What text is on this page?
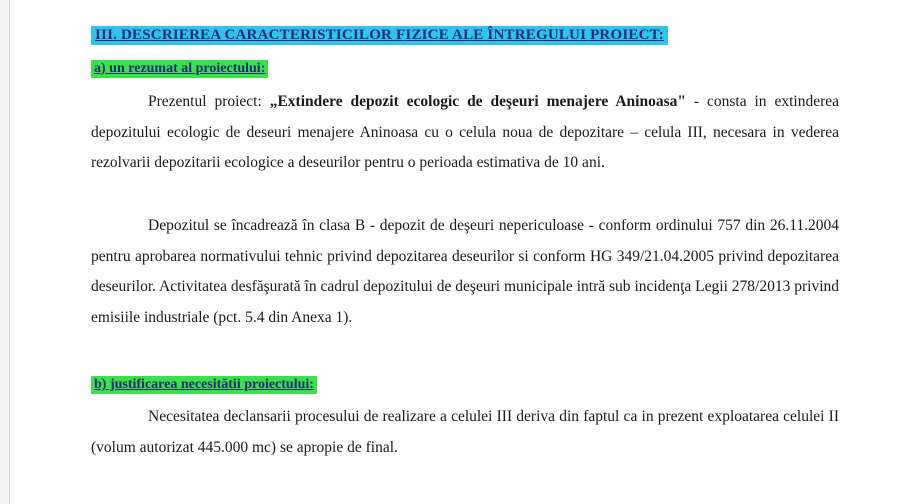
III. DESCRIEREA CARACTERISTICILOR FIZICE ALE ÎNTREGULUI PROIECT:
a) un rezumat al proiectului:

Prezentul proiect: „Extindere depozit ecologic de deşeuri menajere Aninoasa" - consta in extinderea depozitului ecologic de deseuri menajere Aninoasa cu o celula noua de depozitare – celula III, necesara in vederea rezolvarii depozitarii ecologice a deseurilor pentru o perioada estimativa de 10 ani.

Depozitul se încadrează în clasa B - depozit de deşeuri nepericuloase - conform ordinului 757 din 26.11.2004 pentru aprobarea normativului tehnic privind depozitarea deseurilor si conform HG 349/21.04.2005 privind depozitarea deseurilor. Activitatea desfăşurată în cadrul depozitului de deşeuri municipale intră sub incidenţa Legii 278/2013 privind emisiile industriale (pct. 5.4 din Anexa 1).

b) justificarea necesitătii proiectului:

Necesitatea declansarii procesului de realizare a celulei III deriva din faptul ca in prezent exploatarea celulei II (volum autorizat 445.000 mc) se apropie de final.
